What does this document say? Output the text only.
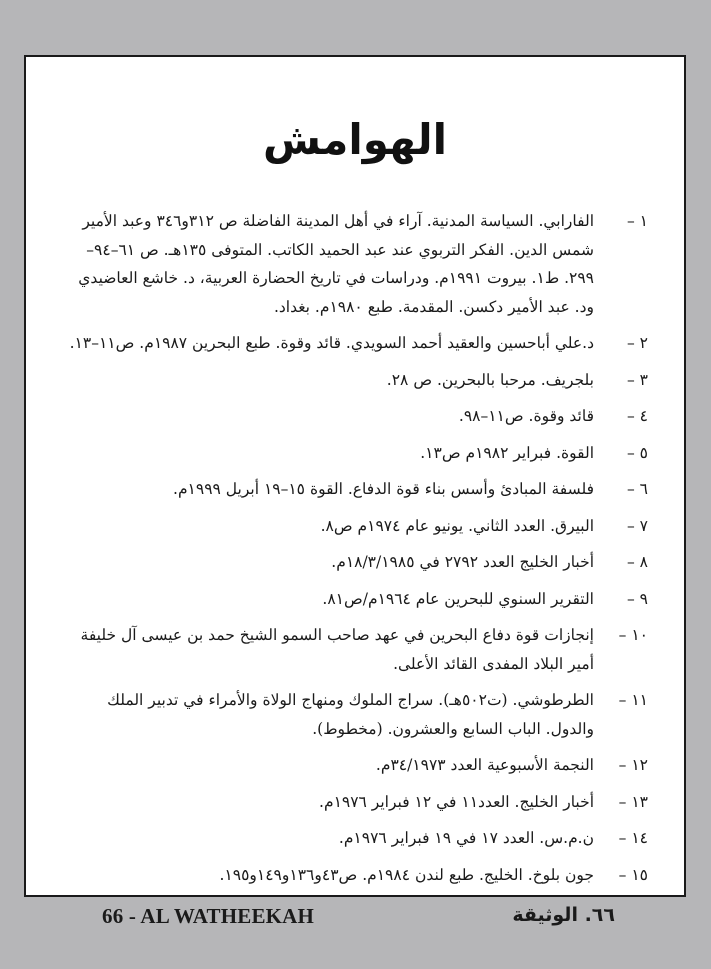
الهوامش
١ –
الفارابي. السياسة المدنية. آراء في أهل المدينة الفاضلة ص ٣١٢و٣٤٦ وعبد الأمير شمس الدين. الفكر التربوي عند عبد الحميد الكاتب. المتوفى ١٣٥هـ. ص ٦١–٩٤–٢٩٩. ط١. بيروت ١٩٩١م. ودراسات في تاريخ الحضارة العربية، د. خاشع العاضيدي ود. عبد الأمير دكسن. المقدمة. طبع ١٩٨٠م. بغداد.
٢ –
د.علي أباحسين والعقيد أحمد السويدي. قائد وقوة. طبع البحرين ١٩٨٧م. ص١١–١٣.
٣ –
بلجريف. مرحبا بالبحرين. ص ٢٨.
٤ –
قائد وقوة. ص١١–٩٨.
٥ –
القوة. فبراير ١٩٨٢م ص١٣.
٦ –
فلسفة المبادئ وأسس بناء قوة الدفاع. القوة ١٥–١٩ أبريل ١٩٩٩م.
٧ –
البيرق. العدد الثاني. يونيو عام ١٩٧٤م ص٨.
٨ –
أخبار الخليج العدد ٢٧٩٢ في ١٨/٣/١٩٨٥م.
٩ –
التقرير السنوي للبحرين عام ١٩٦٤م/ص٨١.
١٠ –
إنجازات قوة دفاع البحرين في عهد صاحب السمو الشيخ حمد بن عيسى آل خليفة أمير البلاد المفدى القائد الأعلى.
١١ –
الطرطوشي. (ت٥٠٢هـ). سراج الملوك ومنهاج الولاة والأمراء في تدبير الملك والدول. الباب السابع والعشرون. (مخطوط).
١٢ –
النجمة الأسبوعية العدد ٣٤/١٩٧٣م.
١٣ –
أخبار الخليج. العدد١١ في ١٢ فبراير ١٩٧٦م.
١٤ –
ن.م.س. العدد ١٧ في ١٩ فبراير ١٩٧٦م.
١٥ –
جون بلوخ. الخليج. طبع لندن ١٩٨٤م. ص٤٣و١٣٦و١٤٩و١٩٥.
66 - AL WATHEEKAH	٦٦. الوثيقة
